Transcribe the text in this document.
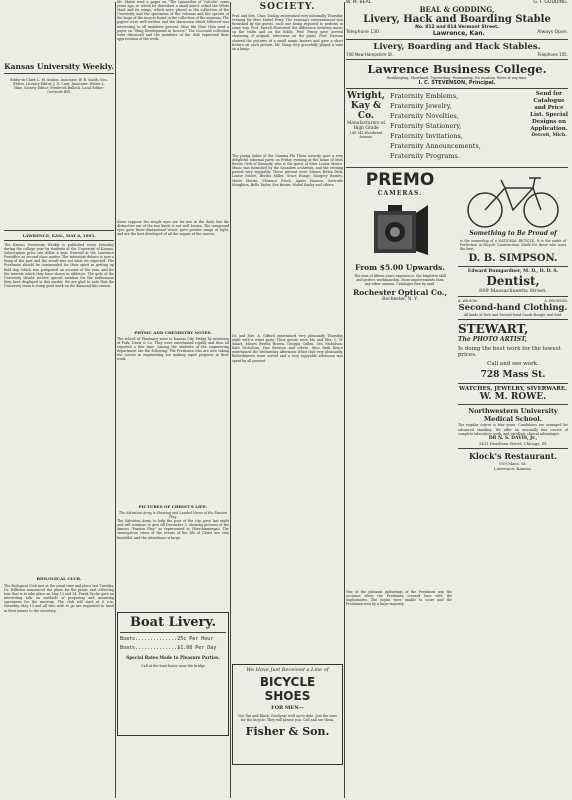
Kansas University Weekly.
Editor-in-Chief: L. M. Seaton, Associate: W. R. Smith, Geo. Elders. Literary Editor: J. N. Case, Associate: Walter L. Hine. Society Editor: Frederick Bullock. Local Editor: Gertrude Hill.
LAWRENCE, KAN., MAY 6, 1893.
The Kansas University Weekly is published every Saturday during the college year by students of the University of Kansas. Subscription price one dollar a year. Entered at the Lawrence Postoffice as second-class matter. The interstate debate is now a thing of the past and the result was not what we expected. The Freshmen should be commended for their spirit in getting up field day, which was postponed on account of the rain, and for the interest which they have shown in athletics. The girls of the University should receive special mention for the enthusiasm they have displayed in this matter. We are glad to note that the University team is doing good work on the diamond this season.
BIOLOGICAL CLUB.
The Biological Club met at the usual time and place last Tuesday. Dr. Williston announced the plans for the picnic and collecting tour that is to take place on May 13 and 14. Frank Dyche gave an interesting talk on methods of preparing and mounting specimens for the museum. The club will start at 8 a.m. Saturday. May 13 and all who wish to go are requested to hand in their names to the secretary.
Mr. Maize read a paper on "The Iguanodon of Vulcolia" some years ago, in which he described a small insect called the White Maid and its wings, which were placed in the collection of the University, and the specimens of the vulcania and the species of the large of the insects found in the collection of the museum. The papers were well written and the discussion which followed was interesting to all members present. Miss Ida Cline then read a paper on "Wing Development in Insects." The Cocoonid collection were discussed and the members of the club expressed their appreciation of the work.
Some suppose the simple eyes are for use in the dark; but the distinctive use of the two kinds is not well known. The compound eyes gave three-dimensional vision, gave greater range of sight, and are the best developed of all the organs of the insects.
PHYSIC AND CHEMISTRY NOTES.
The school of Pharmacy went to Kansas City Friday by invitation of Park, Davis & Co. They were entertained royally and then all reported a fine time. Among the students of the engineering department are the following: The Freshmen who are now taking the course in engineering are making rapid progress in their work.
PICTURES OF CHRIST'S LIFE.
The Salvation Army is Showing and Lauded Views of the Passion Play.
The Salvation Army, to help the poor of the city, gave last night and will continue to give till December 3, showing pictures of the famous "Passion Play." as represented at Ober-Ammergau. The stereopticon views of the events of the life of Christ are very beautiful, and the attendance is large.
Boat Livery.
Boats..............25c Per Hour
Boats..............$1.00 Per Day
Special Rates Made to Pleasure Parties.
Call at the boat house near the bridge
SOCIETY.
Prof. and Mrs. Chas. Dunlap entertained very informally Thursday evening for Miss Mabel Perry. The evening's entertainment was furnished by the guests, each one being required to perform in some way. Prof. Farrell illustrated the difference between music on the violin and on the fiddle. Prof. Penny gave several charming, if original, selections on the piano. Prof. Dawson showed the pictures of a small magic lantern and gave a short lecture on each picture. Mr. Hoag very gracefully played a tune on a banjo.
The young ladies of the Gamma Phi Theta sorority gave a very delightful informal party on Friday evening at the home of Miss Bessie Orth of Kennedy, who is the guest of Miss Louise Moore. Music was furnished by the Saunders orchestra, and the evening passed very enjoyably. Those present were Misses Helen Dick, Louise Moore, Bertha Miller, Grace Runge, Margery Burnes, Marie Martin, Florence Finch, Agnes Hanson, Gertrude Houghton, Belle Taylor, Eva Brown, Mabel Bailey and others.
Dr. and Mrs. A. Gifford entertained very pleasantly Thursday night with a whist party. Their guests were Mr. and Mrs. C. W. Smart, Misses Bertha Brown, Georgia Cullen, Ora Nicholson, Kate Nicholson, Dan Broxson and others. Miss Ruth Bruce entertained the Wednesday Afternoon Whist club very pleasantly. Refreshments were served and a very enjoyable afternoon was spent by all present.
We Have Just Received a Line of
BICYCLE SHOES
FOR MEN—
Vici Tan and Black. Goodyear welt up-to-date. Just the ones for the bicycle. They will please you. Call and see them.
Fisher & Son.
W. M. BEAL.	G. F. GODDING.
BEAL & GODDING,
Livery, Hack and Boarding Stable
No. 812 and 814 Vermont Street,
Telephone 130.	Lawrence, Kan.	Always Open.
Livery, Boarding and Hack Stables.
740 New Hampshire St.	Telephone 105.
Lawrence Business College.
Bookkeeping, Shorthand, Typewriting, Penmanship. No vacation. Enter at any time.
I. C. STEVENSON, Principal.
Wright, Kay & Co.
Manufacturers of High Grade
140-142 Woodward Avenue,
Fraternity Emblems,
Fraternity Jewelry,
Fraternity Novelties,
Fraternity Stationery,
Fraternity Invitations,
Fraternity Announcements,
Fraternity Programs.
Send for Catalogue and Price List. Special Designs on Application.
Detroit, Mich.
PREMO
CAMERAS.
From $5.00 Upwards.
The sum of fifteen years experience, the brightest skill and perfect workmanship. More improvements than any other camera. Catalogue free by mail.
Rochester Optical Co.,
Rochester, N. Y.
Something to Be Proud of
is the ownership of a NATIONAL BICYCLE. It is the name of Perfection in Bicycle Construction. Made for those who want the best.
D. B. SIMPSON.
Edward Bumgardner, M. D., D. D. S.
Dentist,
809 Massachusetts Street.
A. WILSON.	A. ERICKSON.
Second-hand Clothing.
All kinds of New and Second-hand Goods Bought and Sold.
STEWART,
The PHOTO ARTIST,
Is doing the best work for the lowest prices.
Call and see work.
728 Mass St.
WATCHES, JEWELRY, SIVERWARE.
W. M. ROWE.
Northwestern University Medical School.
The regular course is four years. Candidates are arranged for advanced standing. We offer an unusually fine course of complete laboratory work, and excellent clinical advantages.
DR N. S. DAVIS, Jr.,
2431 Dearborn Street, Chicago, Ill.
Klock's Restaurant.
919 Mass. St.
Lawrence, Kansas.
One of the pleasant gatherings of the Freshmen was the occasion when the Freshmen crossed bats with the Sophomores. The Sophs were unable to score and the Freshmen won by a large majority.
